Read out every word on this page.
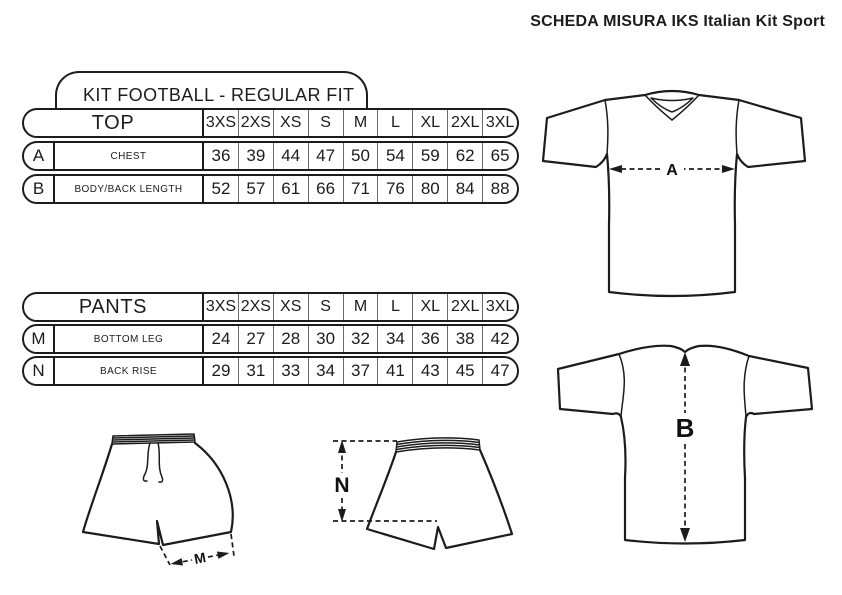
SCHEDA MISURA IKS Italian Kit Sport
KIT FOOTBALL - REGULAR FIT
TOP	3XS 2XS XS	S	M	L	XL 2XL 3XL
A	CHEST	36 39 44 47 50 54 59 62 65
B	BODY/BACK LENGTH	52 57 61 66 71 76 80 84 88
PANTS	3XS 2XS XS	S	M	L	XL 2XL 3XL
M	BOTTOM LEG	24 27 28 30 32 34 36 38 42
N	BACK RISE	29 31 33 34 37 41 43 45 47
A
B
M
N
